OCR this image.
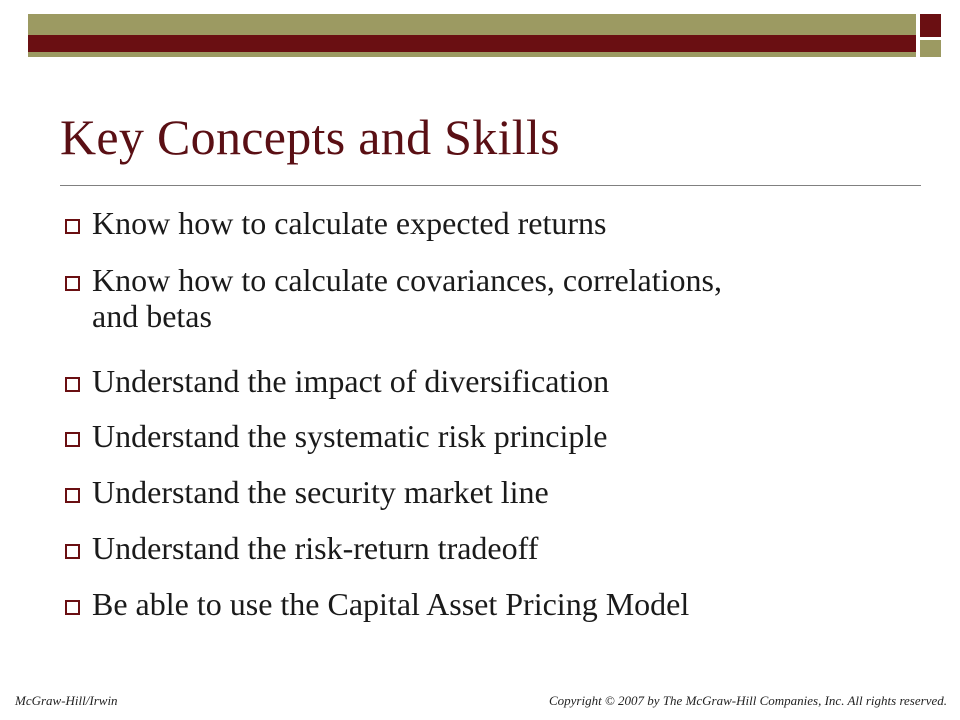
Key Concepts and Skills
Know how to calculate expected returns
Know how to calculate covariances, correlations, and betas
Understand the impact of diversification
Understand the systematic risk principle
Understand the security market line
Understand the risk-return tradeoff
Be able to use the Capital Asset Pricing Model
McGraw-Hill/Irwin	Copyright © 2007 by The McGraw-Hill Companies, Inc. All rights reserved.
